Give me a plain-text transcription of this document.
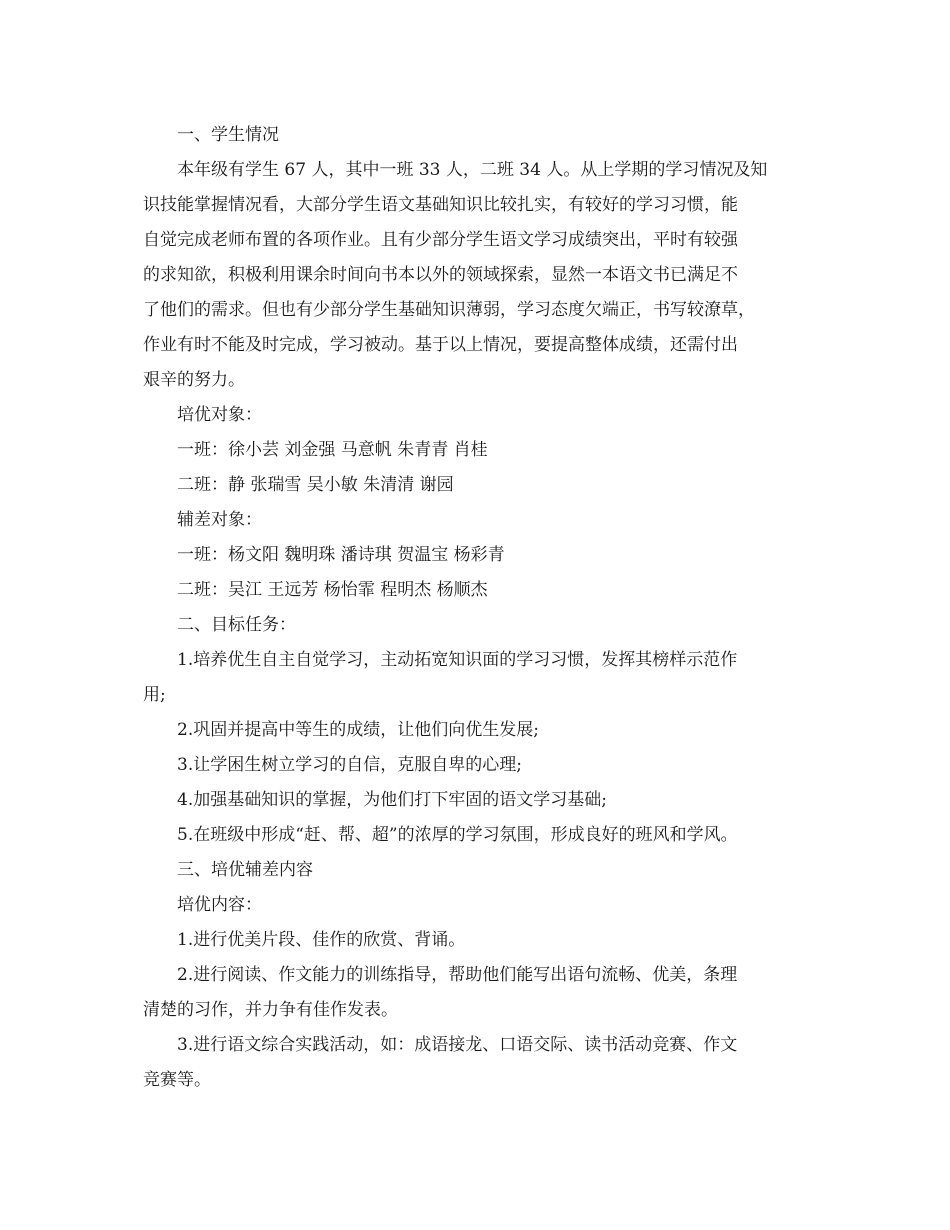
一、学生情况

本年级有学生 67 人，其中一班 33 人，二班 34 人。从上学期的学习情况及知

识技能掌握情况看，大部分学生语文基础知识比较扎实，有较好的学习习惯，能

自觉完成老师布置的各项作业。且有少部分学生语文学习成绩突出，平时有较强

的求知欲，积极利用课余时间向书本以外的领域探索，显然一本语文书已满足不

了他们的需求。但也有少部分学生基础知识薄弱，学习态度欠端正，书写较潦草，

作业有时不能及时完成，学习被动。基于以上情况，要提高整体成绩，还需付出

艰辛的努力。

培优对象：

一班：徐小芸 刘金强 马意帆 朱青青 肖桂

二班：静 张瑞雪 吴小敏 朱清清 谢园

辅差对象：

一班：杨文阳 魏明珠 潘诗琪 贺温宝 杨彩青

二班：吴江 王远芳 杨怡霏 程明杰 杨顺杰

二、目标任务：

1.培养优生自主自觉学习，主动拓宽知识面的学习习惯，发挥其榜样示范作

用;

2.巩固并提高中等生的成绩，让他们向优生发展;

3.让学困生树立学习的自信，克服自卑的心理;

4.加强基础知识的掌握，为他们打下牢固的语文学习基础;

5.在班级中形成“赶、帮、超”的浓厚的学习氛围，形成良好的班风和学风。

三、培优辅差内容

培优内容：

1.进行优美片段、佳作的欣赏、背诵。

2.进行阅读、作文能力的训练指导，帮助他们能写出语句流畅、优美，条理

清楚的习作，并力争有佳作发表。

3.进行语文综合实践活动，如：成语接龙、口语交际、读书活动竞赛、作文

竞赛等。
